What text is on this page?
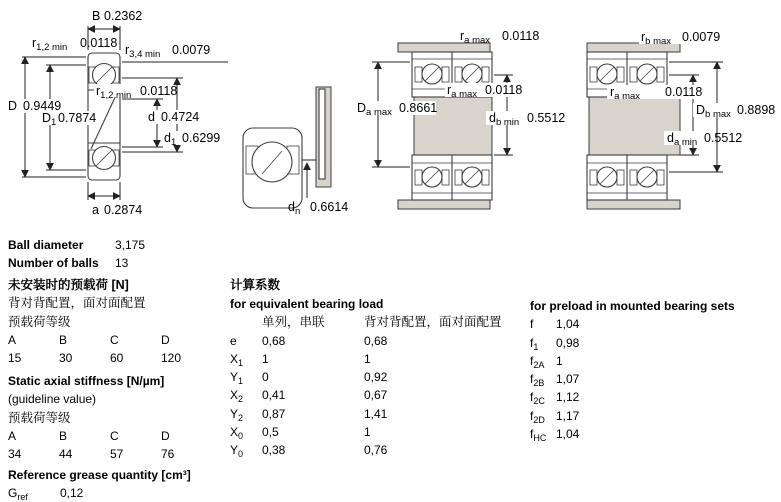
B 0.2362
$r_{1,2 min}$ 0.0118 $r_{3,4 min}$ 0.0079
D 0.9449
$D_1$ 0.7874
$r_{1,2 min}$ 0.0118
d 0.4724
$d_1$ 0.6299
a 0.2874	$d_n$ 0.6614
$r_{a max}$ 0.0118
$D_{a max}$ 0.8661
$r_{a max}$ 0.0118
$d_{b min}$ 0.5512
$r_{b max}$ 0.0079
$r_{a max}$ 0.0118
$D_{b max}$ 0.8898
$d_{a min}$ 0.5512
Ball diameter	3,175
Number of balls	13
未安装时的预载荷 [N]
背对背配置，面对面配置
预载荷等级
A	B	C	D
15	30	60	120
Static axial stiffness [N/µm]
(guideline value)
预载荷等级
A	B	C	D
34	44	57	76
Reference grease quantity [cm³]
$G_{ref}$	0,12
计算系数
for equivalent bearing load
单列，串联	背对背配置，面对面配置
e	0,68	0,68
$X_1$	1	1
$Y_1$	0	0,92
$X_2$	0,41	0,67
$Y_2$	0,87	1,41
$X_0$	0,5	1
$Y_0$	0,38	0,76
for preload in mounted bearing sets
f	1,04
$f_1$	0,98
$f_{2A}$ 1
$f_{2B}$ 1,07
$f_{2C}$ 1,12
$f_{2D}$ 1,17
$f_{HC}$ 1,04
